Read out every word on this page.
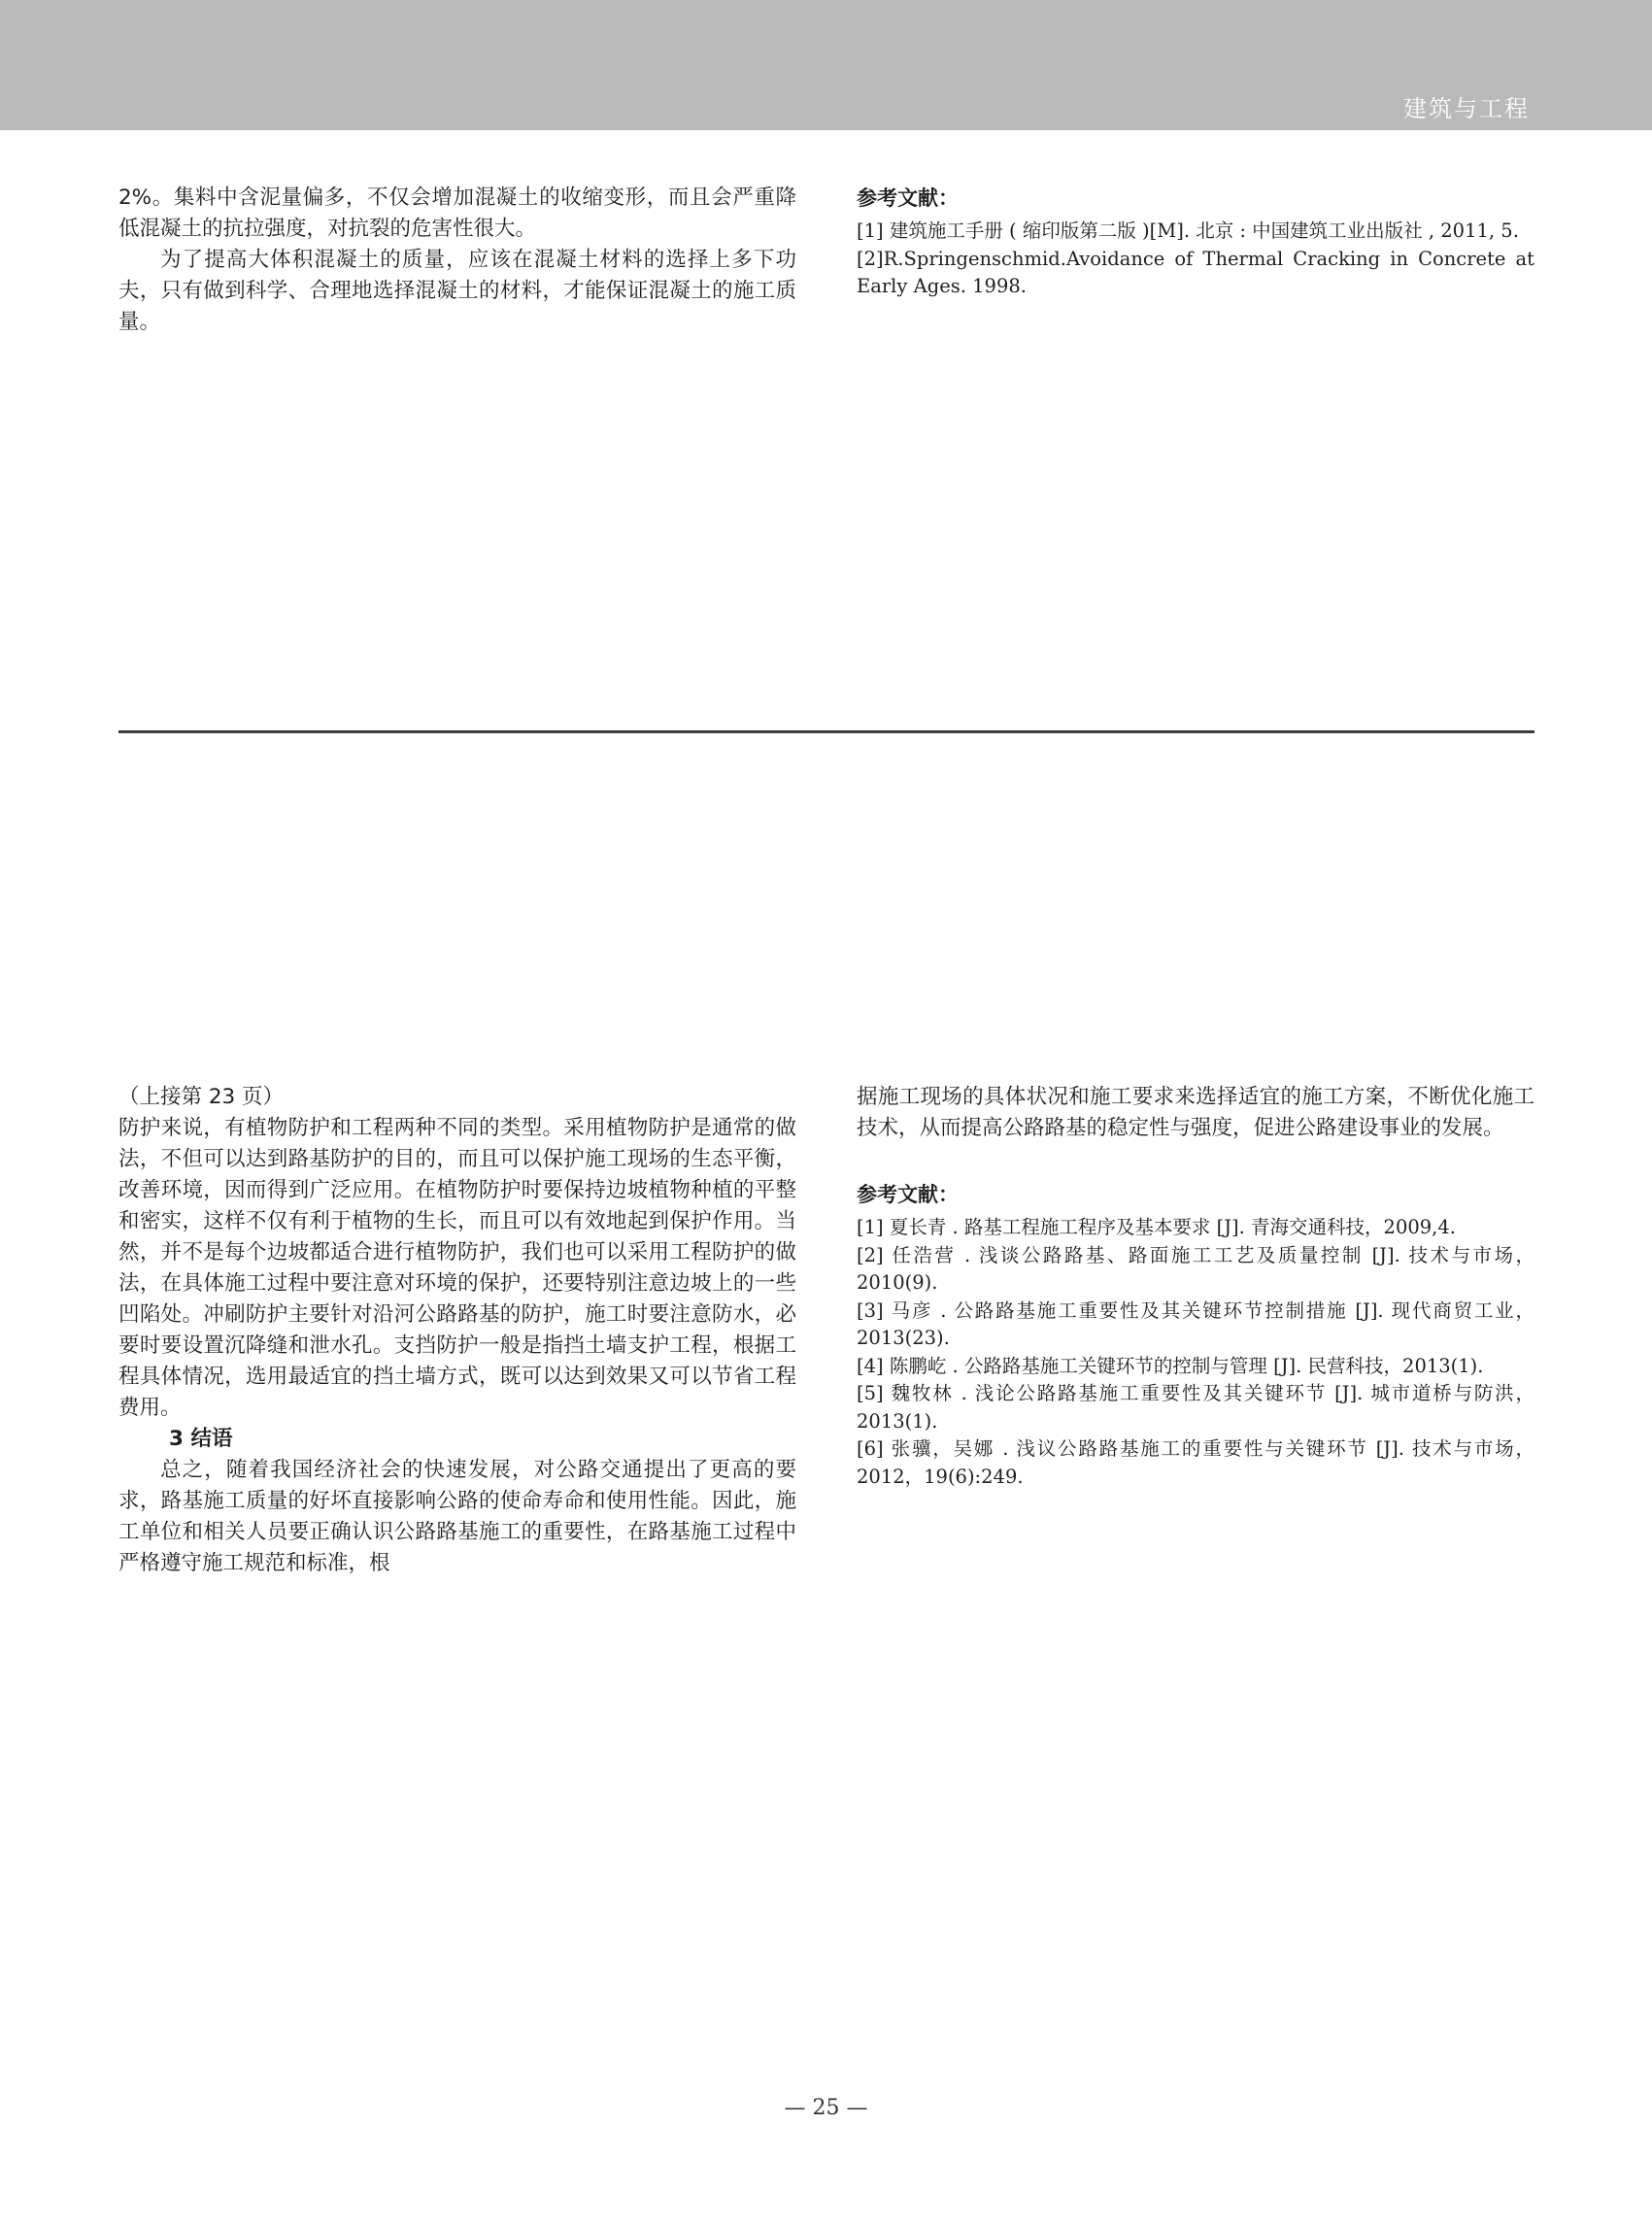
建筑与工程

2%。集料中含泥量偏多，不仅会增加混凝土的收缩变形，而且会严重降低混凝土的抗拉强度，对抗裂的危害性很大。

为了提高大体积混凝土的质量，应该在混凝土材料的选择上多下功夫，只有做到科学、合理地选择混凝土的材料，才能保证混凝土的施工质量。

参考文献：
[1] 建筑施工手册 ( 缩印版第二版 )[M]. 北京 : 中国建筑工业出版社 , 2011, 5.
[2]R.Springenschmid.Avoidance of Thermal Cracking in Concrete at Early Ages. 1998.

（上接第 23 页）

防护来说，有植物防护和工程两种不同的类型。采用植物防护是通常的做法，不但可以达到路基防护的目的，而且可以保护施工现场的生态平衡，改善环境，因而得到广泛应用。在植物防护时要保持边坡植物种植的平整和密实，这样不仅有利于植物的生长，而且可以有效地起到保护作用。当然，并不是每个边坡都适合进行植物防护，我们也可以采用工程防护的做法，在具体施工过程中要注意对环境的保护，还要特别注意边坡上的一些凹陷处。冲刷防护主要针对沿河公路路基的防护，施工时要注意防水，必要时要设置沉降缝和泄水孔。支挡防护一般是指挡土墙支护工程，根据工程具体情况，选用最适宜的挡土墙方式，既可以达到效果又可以节省工程费用。

3 结语

总之，随着我国经济社会的快速发展，对公路交通提出了更高的要求，路基施工质量的好坏直接影响公路的使命寿命和使用性能。因此，施工单位和相关人员要正确认识公路路基施工的重要性，在路基施工过程中严格遵守施工规范和标准，根

据施工现场的具体状况和施工要求来选择适宜的施工方案，不断优化施工技术，从而提高公路路基的稳定性与强度，促进公路建设事业的发展。

参考文献：
[1] 夏长青 . 路基工程施工程序及基本要求 [J]. 青海交通科技，2009,4.
[2] 任浩营 . 浅谈公路路基、路面施工工艺及质量控制 [J]. 技术与市场，2010(9).
[3] 马彦 . 公路路基施工重要性及其关键环节控制措施 [J]. 现代商贸工业，2013(23).
[4] 陈鹏屹 . 公路路基施工关键环节的控制与管理 [J]. 民营科技，2013(1).
[5] 魏牧林 . 浅论公路路基施工重要性及其关键环节 [J]. 城市道桥与防洪，2013(1).
[6] 张骥，吴娜 . 浅议公路路基施工的重要性与关键环节 [J]. 技术与市场，2012，19(6):249.
— 25 —
